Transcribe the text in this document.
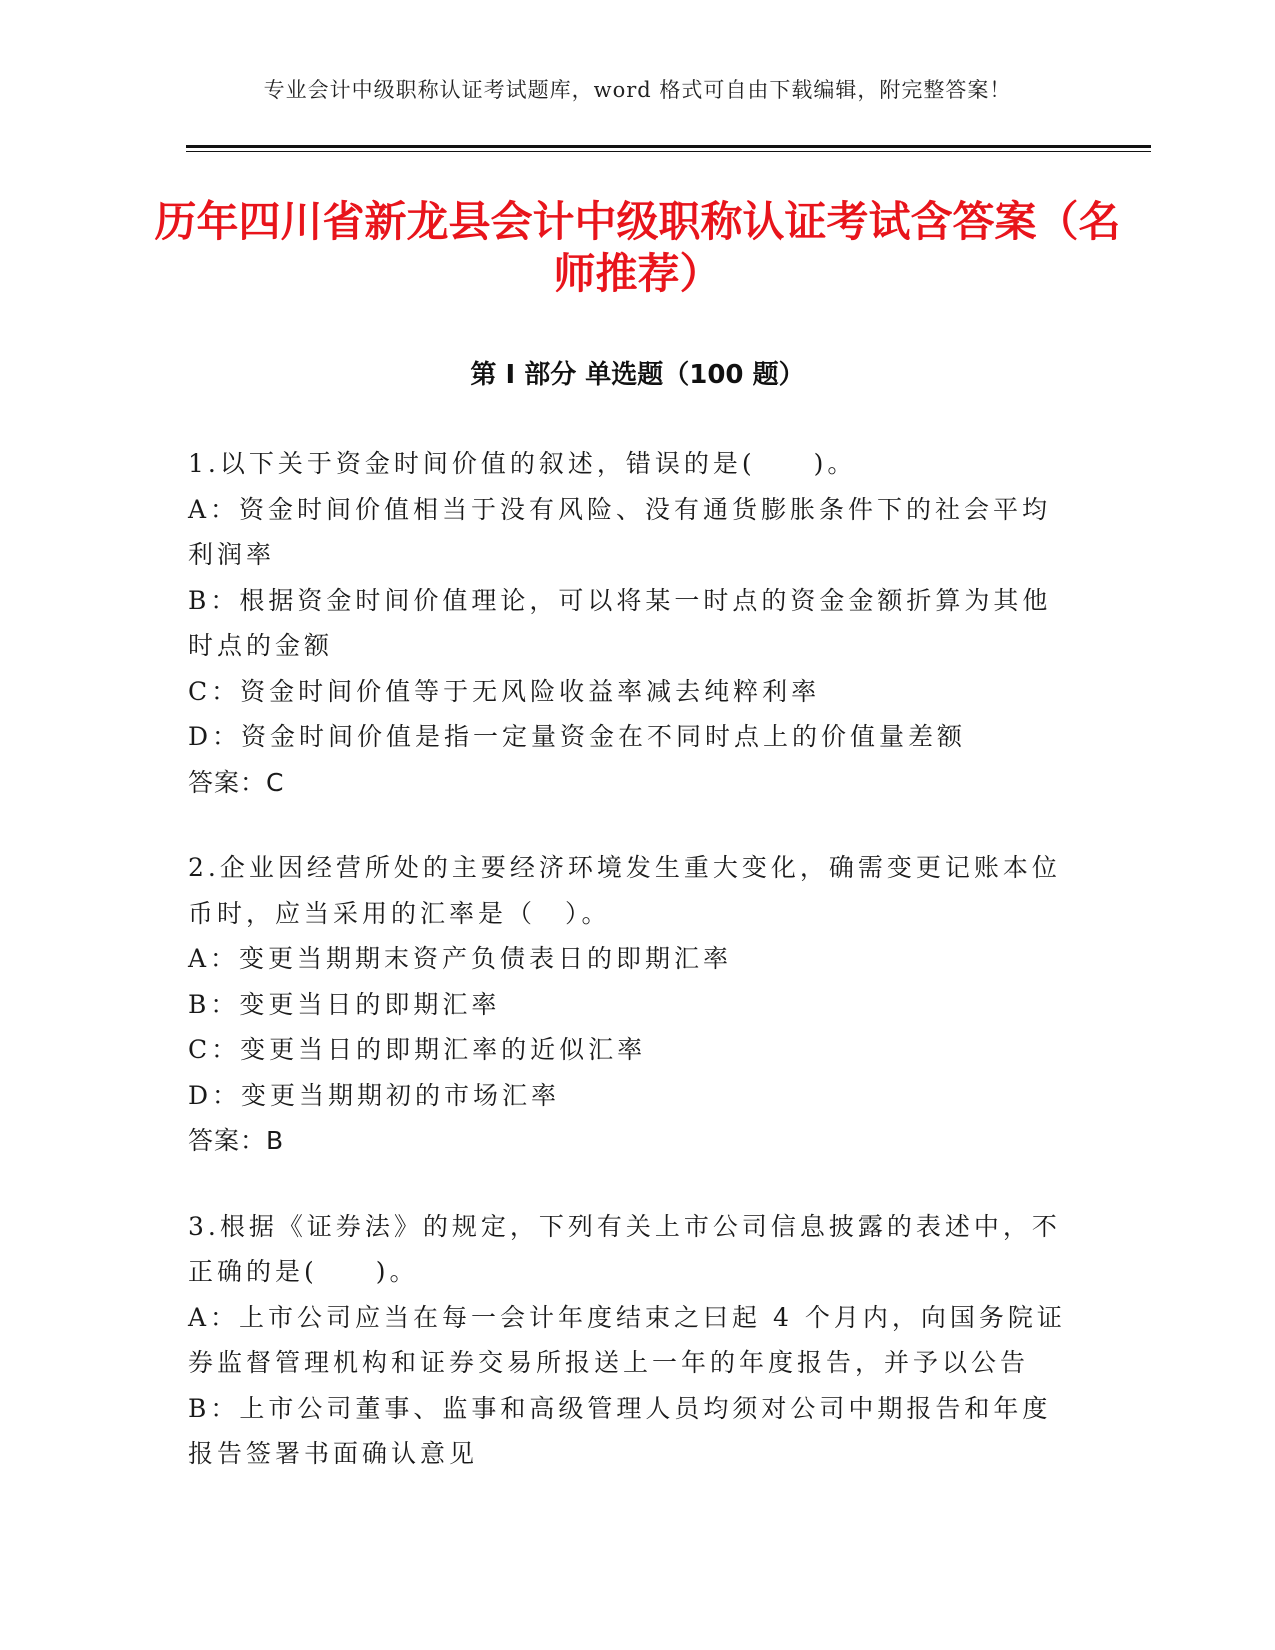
专业会计中级职称认证考试题库，word 格式可自由下载编辑，附完整答案！
历年四川省新龙县会计中级职称认证考试含答案（名师推荐）
第 I 部分 单选题（100 题）

1.以下关于资金时间价值的叙述，错误的是(　　)。

A：资金时间价值相当于没有风险、没有通货膨胀条件下的社会平均利润率

B：根据资金时间价值理论，可以将某一时点的资金金额折算为其他时点的金额

C：资金时间价值等于无风险收益率减去纯粹利率

D：资金时间价值是指一定量资金在不同时点上的价值量差额

答案：C

2.企业因经营所处的主要经济环境发生重大变化，确需变更记账本位币时，应当采用的汇率是（　）。

A：变更当期期末资产负债表日的即期汇率

B：变更当日的即期汇率

C：变更当日的即期汇率的近似汇率

D：变更当期期初的市场汇率

答案：B

3.根据《证券法》的规定，下列有关上市公司信息披露的表述中，不正确的是(　　)。

A：上市公司应当在每一会计年度结束之曰起 4 个月内，向国务院证券监督管理机构和证券交易所报送上一年的年度报告，并予以公告

B：上市公司董事、监事和高级管理人员均须对公司中期报告和年度报告签署书面确认意见
